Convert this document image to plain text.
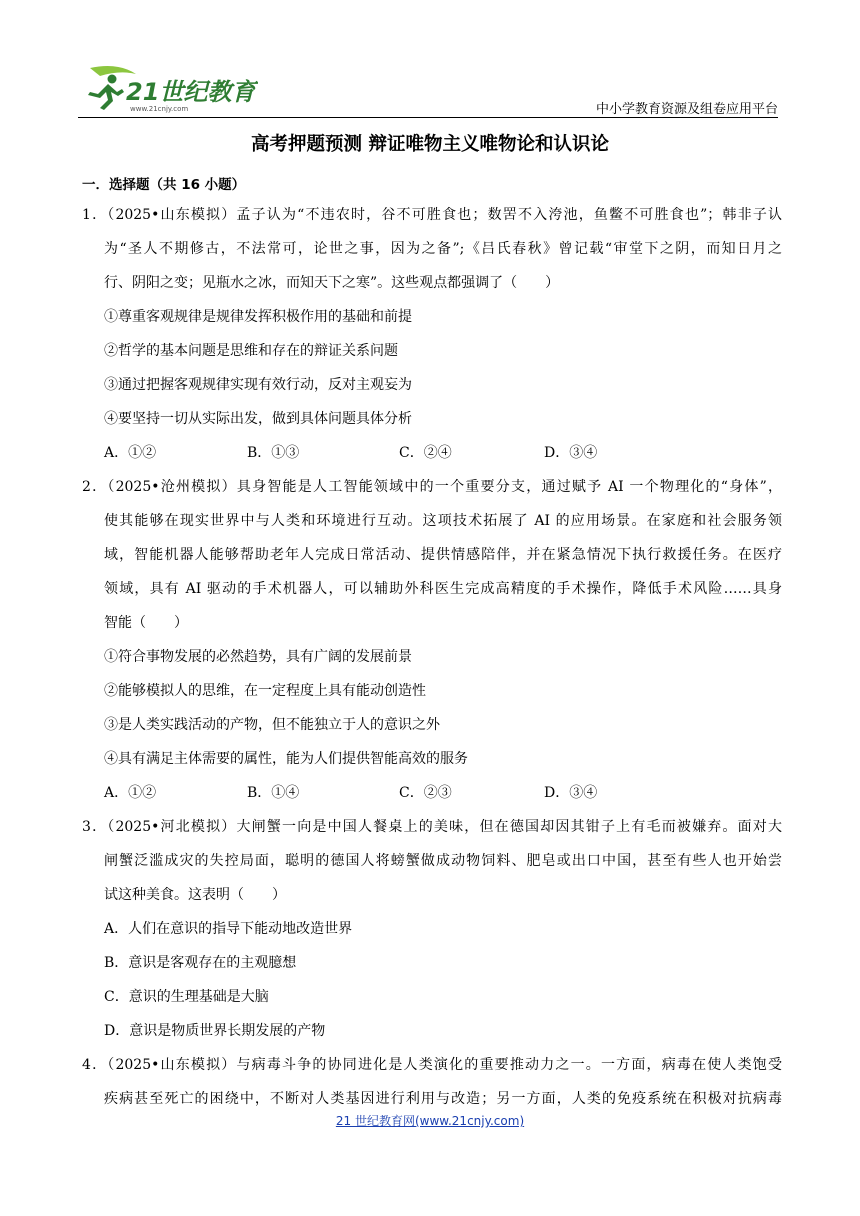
21世纪教育
www.21cnjy.com	中小学教育资源及组卷应用平台
高考押题预测 辩证唯物主义唯物论和认识论
一．选择题（共 16 小题）
1．（2025•山东模拟）孟子认为“不违农时，谷不可胜食也；数罟不入洿池，鱼鳖不可胜食也”；韩非子认
为“圣人不期修古，不法常可，论世之事，因为之备”;《吕氏春秋》曾记载“审堂下之阴，而知日月之
行、阴阳之变；见瓶水之冰，而知天下之寒”。这些观点都强调了（　　）
①尊重客观规律是规律发挥积极作用的基础和前提
②哲学的基本问题是思维和存在的辩证关系问题
③通过把握客观规律实现有效行动，反对主观妄为
④要坚持一切从实际出发，做到具体问题具体分析
A．①②	B．①③	C．②④	D．③④
2．（2025•沧州模拟）具身智能是人工智能领域中的一个重要分支，通过赋予 AI 一个物理化的“身体”，
使其能够在现实世界中与人类和环境进行互动。这项技术拓展了 AI 的应用场景。在家庭和社会服务领
域，智能机器人能够帮助老年人完成日常活动、提供情感陪伴，并在紧急情况下执行救援任务。在医疗
领域，具有 AI 驱动的手术机器人，可以辅助外科医生完成高精度的手术操作，降低手术风险……具身
智能（　　）
①符合事物发展的必然趋势，具有广阔的发展前景
②能够模拟人的思维，在一定程度上具有能动创造性
③是人类实践活动的产物，但不能独立于人的意识之外
④具有满足主体需要的属性，能为人们提供智能高效的服务
A．①②	B．①④	C．②③	D．③④
3．（2025•河北模拟）大闸蟹一向是中国人餐桌上的美味，但在德国却因其钳子上有毛而被嫌弃。面对大
闸蟹泛滥成灾的失控局面，聪明的德国人将螃蟹做成动物饲料、肥皂或出口中国，甚至有些人也开始尝
试这种美食。这表明（　　）
A．人们在意识的指导下能动地改造世界
B．意识是客观存在的主观臆想
C．意识的生理基础是大脑
D．意识是物质世界长期发展的产物
4．（2025•山东模拟）与病毒斗争的协同进化是人类演化的重要推动力之一。一方面，病毒在使人类饱受
疾病甚至死亡的困绕中，不断对人类基因进行利用与改造；另一方面，人类的免疫系统在积极对抗病毒
21 世纪教育网(www.21cnjy.com)
